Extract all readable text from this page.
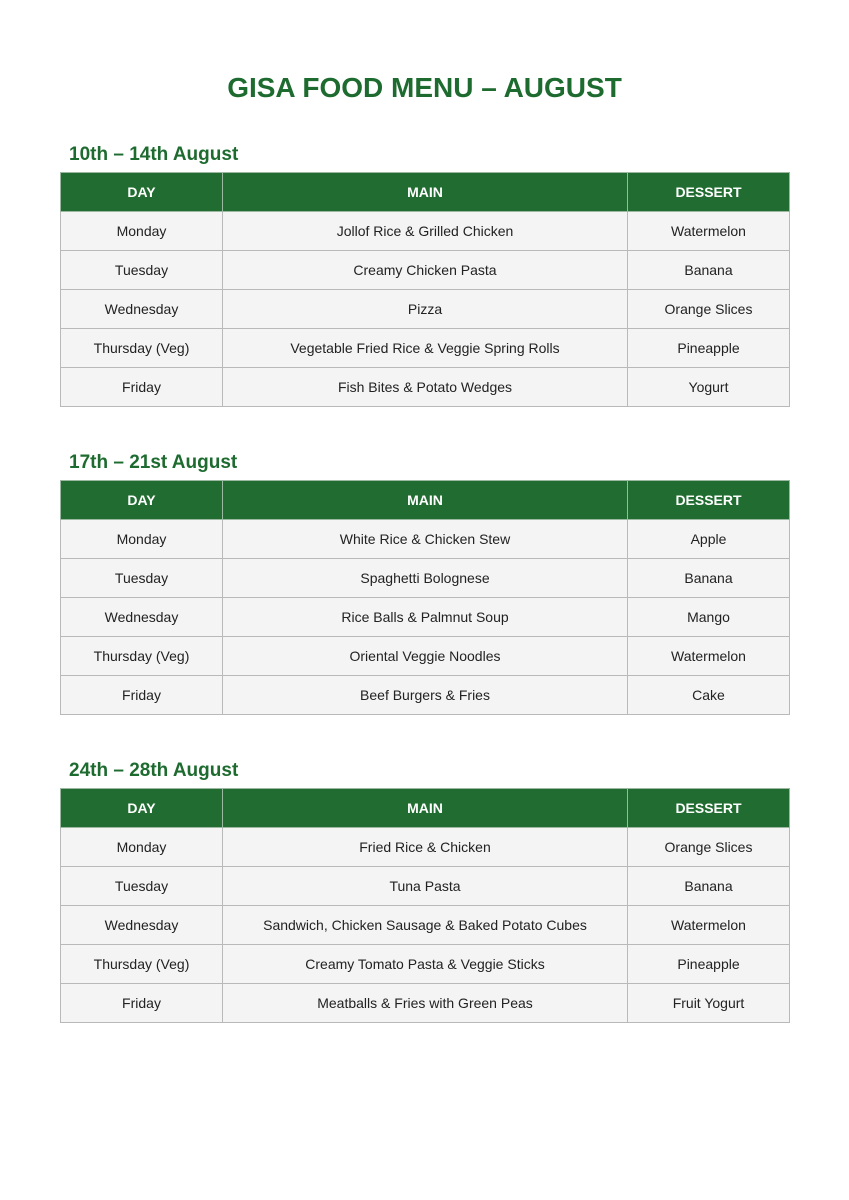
GISA FOOD MENU – AUGUST
10th – 14th August
DAY	MAIN	DESSERT
Monday	Jollof Rice & Grilled Chicken	Watermelon
Tuesday	Creamy Chicken Pasta	Banana
Wednesday	Pizza	Orange Slices
Thursday (Veg)	Vegetable Fried Rice & Veggie Spring Rolls	Pineapple
Friday	Fish Bites & Potato Wedges	Yogurt
17th – 21st August
DAY	MAIN	DESSERT
Monday	White Rice & Chicken Stew	Apple
Tuesday	Spaghetti Bolognese	Banana
Wednesday	Rice Balls & Palmnut Soup	Mango
Thursday (Veg)	Oriental Veggie Noodles	Watermelon
Friday	Beef Burgers & Fries	Cake
24th – 28th August
DAY	MAIN	DESSERT
Monday	Fried Rice & Chicken	Orange Slices
Tuesday	Tuna Pasta	Banana
Wednesday	Sandwich, Chicken Sausage & Baked Potato Cubes	Watermelon
Thursday (Veg)	Creamy Tomato Pasta & Veggie Sticks	Pineapple
Friday	Meatballs & Fries with Green Peas	Fruit Yogurt
